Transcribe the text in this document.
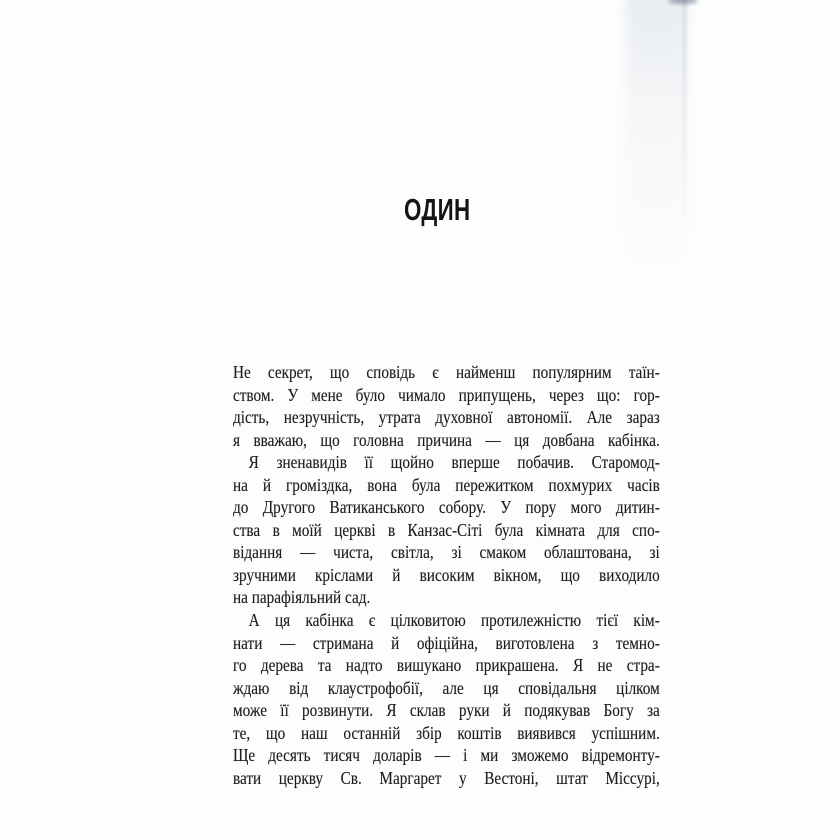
ОДИН
Не секрет, що сповідь є найменш популярним таїн-
ством. У мене було чимало припущень, через що: гор-
дість, незручність, утрата духовної автономії. Але зараз
я вважаю, що головна причина — ця довбана кабінка.
Я зненавидів її щойно вперше побачив. Старомод-
на й громіздка, вона була пережитком похмурих часів
до Другого Ватиканського собору. У пору мого дитин-
ства в моїй церкві в Канзас-Сіті була кімната для спо-
відання — чиста, світла, зі смаком облаштована, зі
зручними кріслами й високим вікном, що виходило
на парафіяльний сад.
А ця кабінка є цілковитою протилежністю тієї кім-
нати — стримана й офіційна, виготовлена з темно-
го дерева та надто вишукано прикрашена. Я не стра-
ждаю від клаустрофобії, але ця сповідальня цілком
може її розвинути. Я склав руки й подякував Богу за
те, що наш останній збір коштів виявився успішним.
Ще десять тисяч доларів — і ми зможемо відремонту-
вати церкву Св. Маргарет у Вестоні, штат Міссурі,
